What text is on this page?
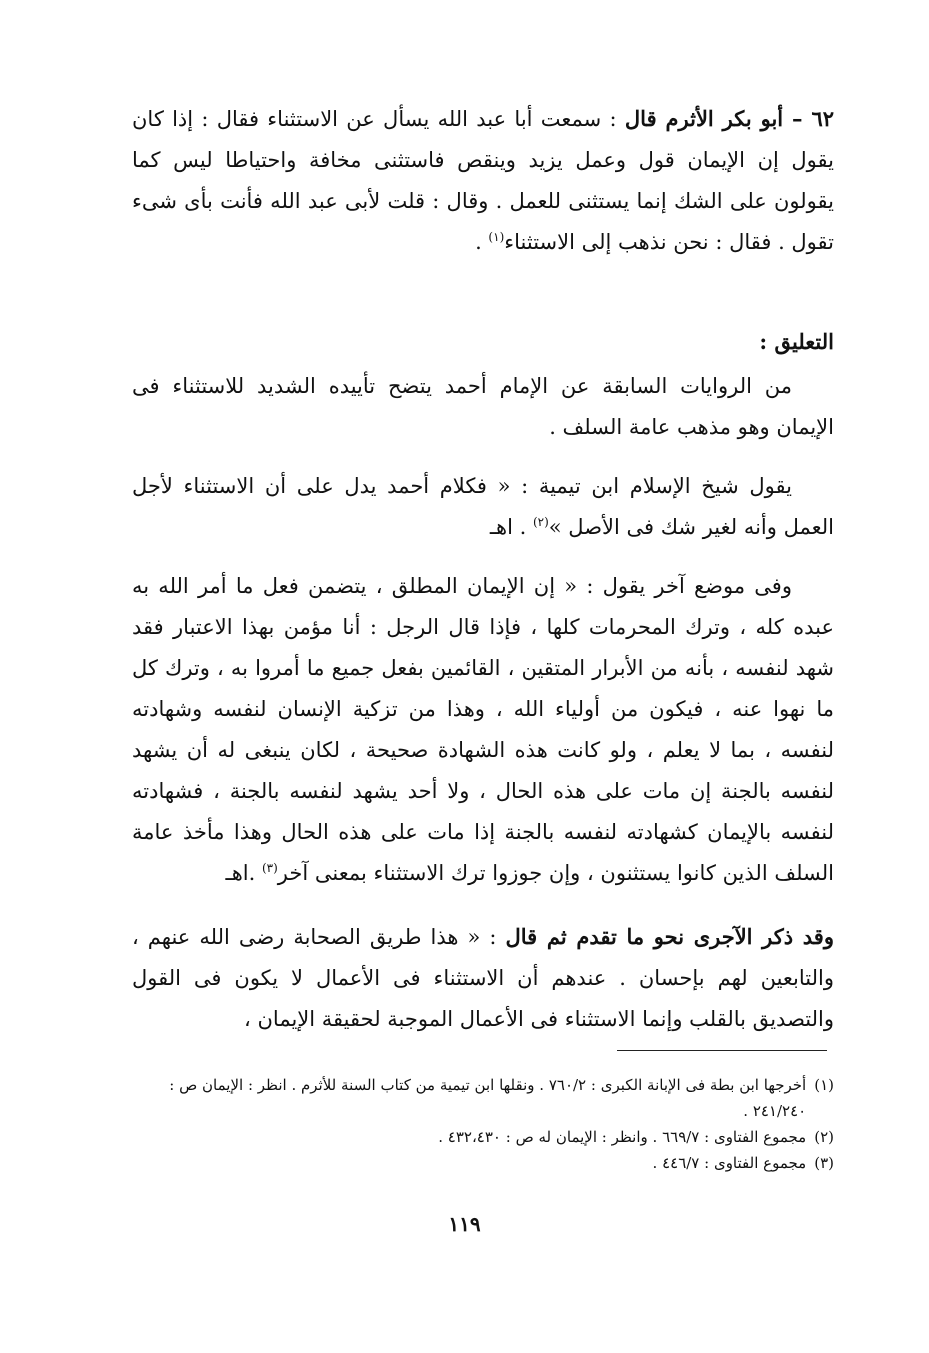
٦٢ – أبو بكر الأثرم قال : سمعت أبا عبد الله يسأل عن الاستثناء فقال : إذا كان يقول إن الإيمان قول وعمل يزيد وينقص فاستثنى مخافة واحتياطا ليس كما يقولون على الشك إنما يستثنى للعمل . وقال : قلت لأبى عبد الله فأنت بأى شىء تقول . فقال : نحن نذهب إلى الاستثناء$^{(١)}$ .

التعليق :

من الروايات السابقة عن الإمام أحمد يتضح تأييده الشديد للاستثناء فى الإيمان وهو مذهب عامة السلف .

يقول شيخ الإسلام ابن تيمية : « فكلام أحمد يدل على أن الاستثناء لأجل العمل وأنه لغير شك فى الأصل »$^{(٢)}$ . اهـ

وفى موضع آخر يقول : « إن الإيمان المطلق ، يتضمن فعل ما أمر الله به عبده كله ، وترك المحرمات كلها ، فإذا قال الرجل : أنا مؤمن بهذا الاعتبار فقد شهد لنفسه ، بأنه من الأبرار المتقين ، القائمين بفعل جميع ما أمروا به ، وترك كل ما نهوا عنه ، فيكون من أولياء الله ، وهذا من تزكية الإنسان لنفسه وشهادته لنفسه ، بما لا يعلم ، ولو كانت هذه الشهادة صحيحة ، لكان ينبغى له أن يشهد لنفسه بالجنة إن مات على هذه الحال ، ولا أحد يشهد لنفسه بالجنة ، فشهادته لنفسه بالإيمان كشهادته لنفسه بالجنة إذا مات على هذه الحال وهذا مأخذ عامة السلف الذين كانوا يستثنون ، وإن جوزوا ترك الاستثناء بمعنى آخر$^{(٣)}$ .اهـ

وقد ذكر الآجرى نحو ما تقدم ثم قال : « هذا طريق الصحابة رضى الله عنهم ، والتابعين لهم بإحسان . عندهم أن الاستثناء فى الأعمال لا يكون فى القول والتصديق بالقلب وإنما الاستثناء فى الأعمال الموجبة لحقيقة الإيمان ،

(١)
أخرجها ابن بطة فى الإبانة الكبرى : ٧٦٠/٢ . ونقلها ابن تيمية من كتاب السنة للأثرم . انظر : الإيمان ص : ٢٤١/٢٤٠ .
(٢)
مجموع الفتاوى : ٦٦٩/٧ . وانظر : الإيمان له ص : ٤٣٢،٤٣٠ .
(٣)
مجموع الفتاوى : ٤٤٦/٧ .
١١٩
